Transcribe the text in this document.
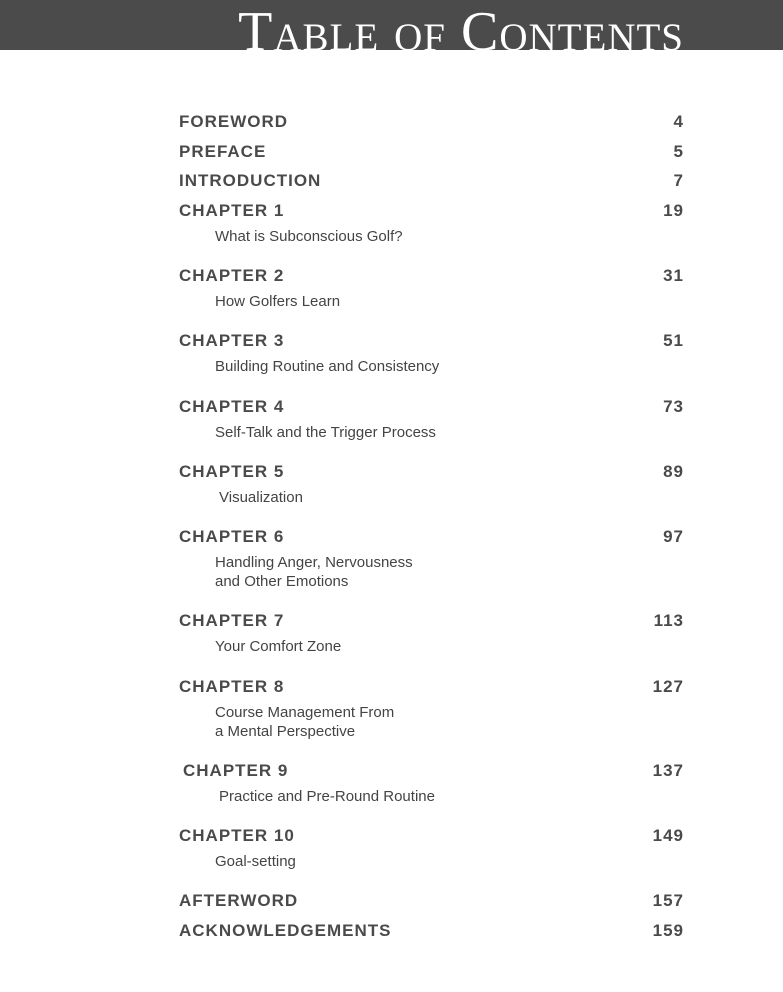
Table of Contents
FOREWORD	4
PREFACE	5
INTRODUCTION	7
CHAPTER 1	19
What is Subconscious Golf?
CHAPTER 2	31
How Golfers Learn
CHAPTER 3	51
Building Routine and Consistency
CHAPTER 4	73
Self-Talk and the Trigger Process
CHAPTER 5	89
Visualization
CHAPTER 6	97
Handling Anger, Nervousness
and Other Emotions
CHAPTER 7	113
Your Comfort Zone
CHAPTER 8	127
Course Management From
a Mental Perspective
CHAPTER 9	137
Practice and Pre-Round Routine
CHAPTER 10	149
Goal-setting
AFTERWORD	157
ACKNOWLEDGEMENTS	159
